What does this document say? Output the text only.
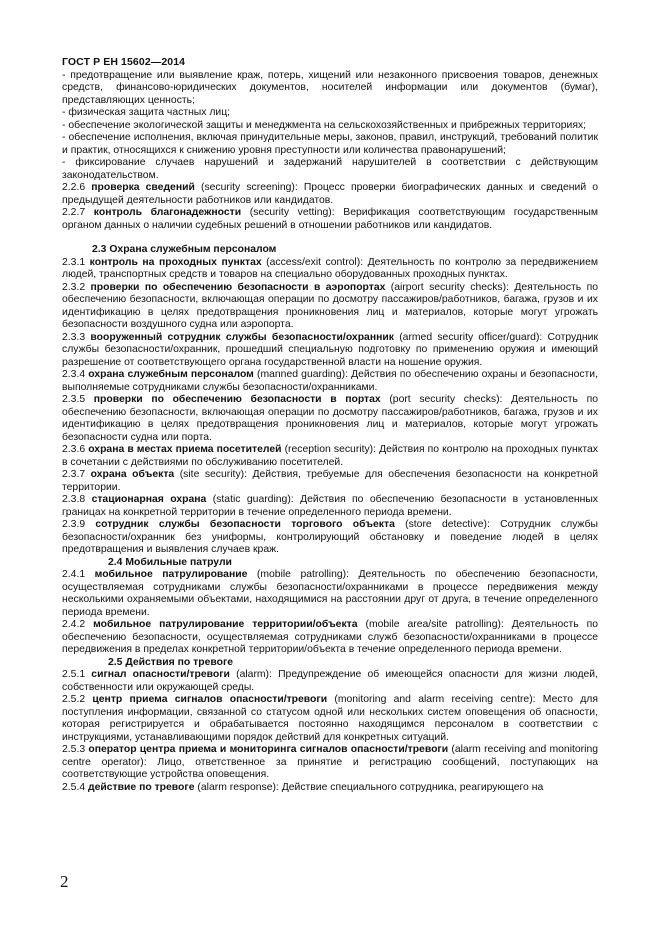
ГОСТ Р ЕН 15602—2014

- предотвращение или выявление краж, потерь, хищений или незаконного присвоения товаров, денежных средств, финансово-юридических документов, носителей информации или документов (бумаг), представляющих ценность;

- физическая защита частных лиц;

- обеспечение экологической защиты и менеджмента на сельскохозяйственных и прибрежных территориях;

- обеспечение исполнения, включая принудительные меры, законов, правил, инструкций, требований политик и практик, относящихся к снижению уровня преступности или количества правонарушений;

- фиксирование случаев нарушений и задержаний нарушителей в соответствии с действующим законодательством.

2.2.6 проверка сведений (security screening): Процесс проверки биографических данных и сведений о предыдущей деятельности работников или кандидатов.

2.2.7 контроль благонадежности (security vetting): Верификация соответствующим государственным органом данных о наличии судебных решений в отношении работников или кандидатов.

2.3 Охрана служебным персоналом

2.3.1 контроль на проходных пунктах (access/exit control): Деятельность по контролю за передвижением людей, транспортных средств и товаров на специально оборудованных проходных пунктах.

2.3.2 проверки по обеспечению безопасности в аэропортах (airport security checks): Деятельность по обеспечению безопасности, включающая операции по досмотру пассажиров/работников, багажа, грузов и их идентификацию в целях предотвращения проникновения лиц и материалов, которые могут угрожать безопасности воздушного судна или аэропорта.

2.3.3 вооруженный сотрудник службы безопасности/охранник (armed security officer/guard): Сотрудник службы безопасности/охранник, прошедший специальную подготовку по применению оружия и имеющий разрешение от соответствующего органа государственной власти на ношение оружия.

2.3.4 охрана служебным персоналом (manned guarding): Действия по обеспечению охраны и безопасности, выполняемые сотрудниками службы безопасности/охранниками.

2.3.5 проверки по обеспечению безопасности в портах (port security checks): Деятельность по обеспечению безопасности, включающая операции по досмотру пассажиров/работников, багажа, грузов и их идентификацию в целях предотвращения проникновения лиц и материалов, которые могут угрожать безопасности судна или порта.

2.3.6 охрана в местах приема посетителей (reception security): Действия по контролю на проходных пунктах в сочетании с действиями по обслуживанию посетителей.

2.3.7 охрана объекта (site security): Действия, требуемые для обеспечения безопасности на конкретной территории.

2.3.8 стационарная охрана (static guarding): Действия по обеспечению безопасности в установленных границах на конкретной территории в течение определенного периода времени.

2.3.9 сотрудник службы безопасности торгового объекта (store detective): Сотрудник службы безопасности/охранник без униформы, контролирующий обстановку и поведение людей в целях предотвращения и выявления случаев краж.

2.4 Мобильные патрули

2.4.1 мобильное патрулирование (mobile patrolling): Деятельность по обеспечению безопасности, осуществляемая сотрудниками службы безопасности/охранниками в процессе передвижения между несколькими охраняемыми объектами, находящимися на расстоянии друг от друга, в течение определенного периода времени.

2.4.2 мобильное патрулирование территории/объекта (mobile area/site patrolling): Деятельность по обеспечению безопасности, осуществляемая сотрудниками служб безопасности/охранниками в процессе передвижения в пределах конкретной территории/объекта в течение определенного периода времени.

2.5 Действия по тревоге

2.5.1 сигнал опасности/тревоги (alarm): Предупреждение об имеющейся опасности для жизни людей, собственности или окружающей среды.

2.5.2 центр приема сигналов опасности/тревоги (monitoring and alarm receiving centre): Место для поступления информации, связанной со статусом одной или нескольких систем оповещения об опасности, которая регистрируется и обрабатывается постоянно находящимся персоналом в соответствии с инструкциями, устанавливающими порядок действий для конкретных ситуаций.

2.5.3 оператор центра приема и мониторинга сигналов опасности/тревоги (alarm receiving and monitoring centre operator): Лицо, ответственное за принятие и регистрацию сообщений, поступающих на соответствующие устройства оповещения.

2.5.4 действие по тревоге (alarm response): Действие специального сотрудника, реагирующего на

2
